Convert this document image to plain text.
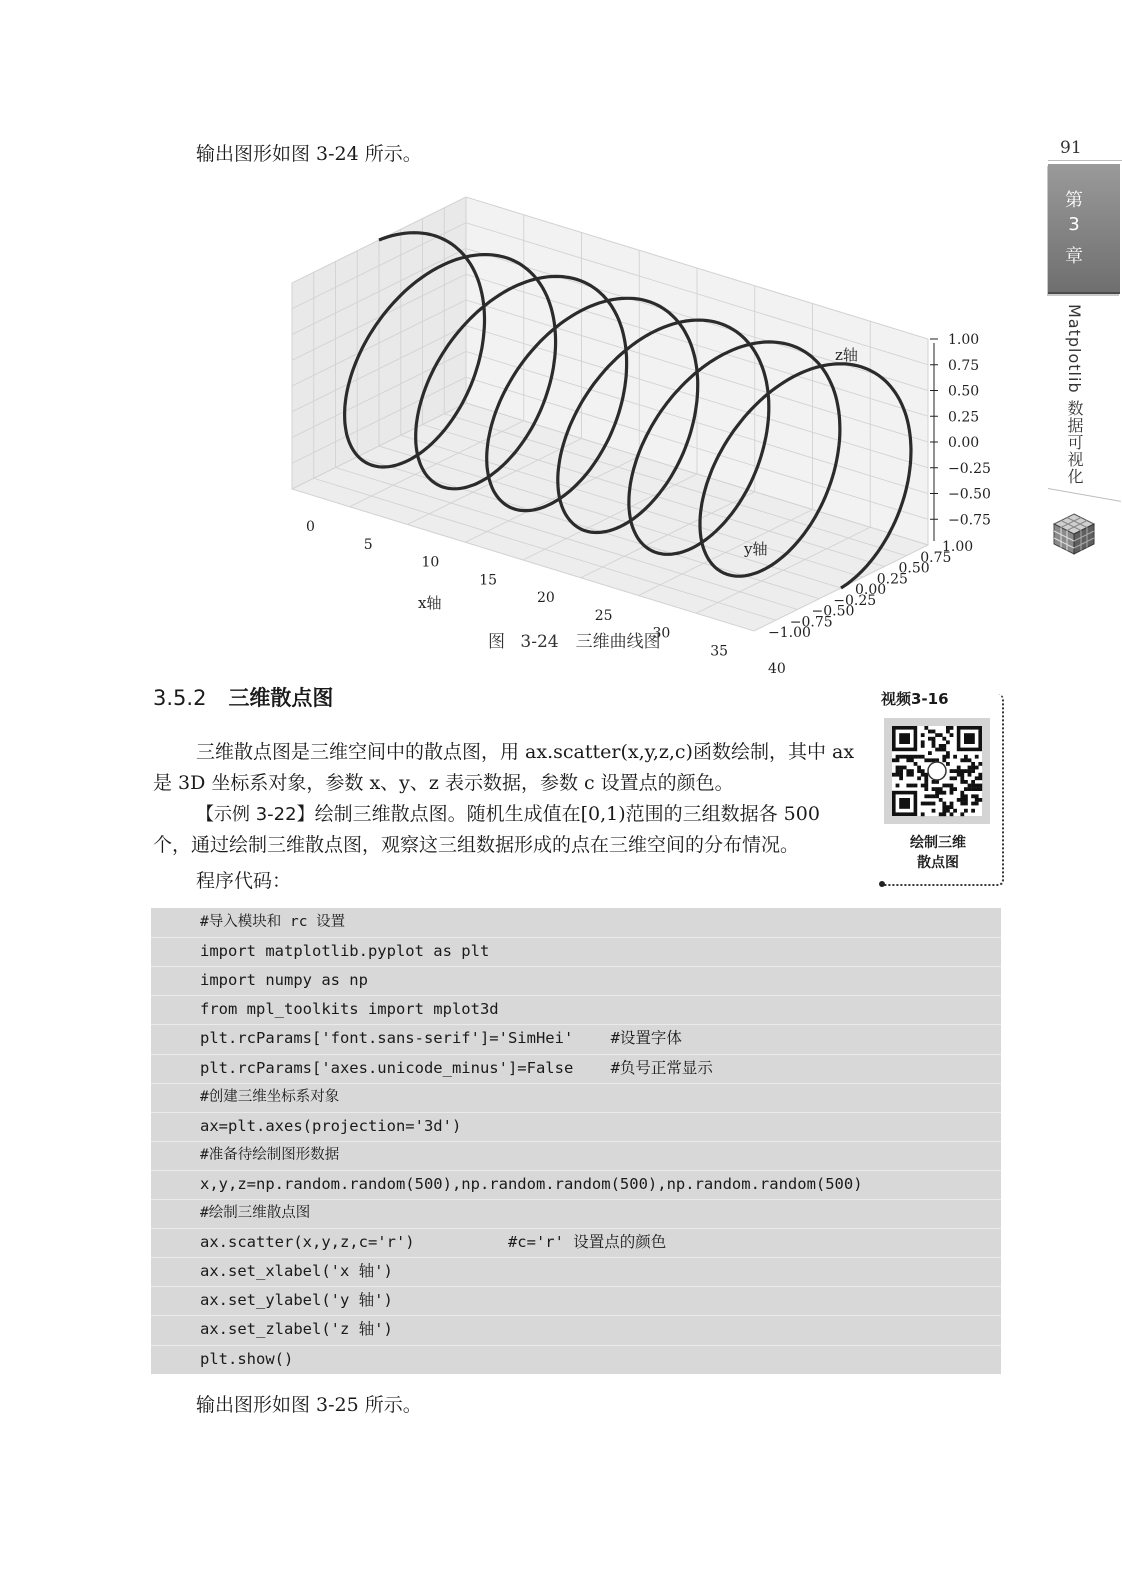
91
第
3
章
Matplotlib 数据可视化
输出图形如图 3-24 所示。
0
5
10
15
20
25
30
35
40
1.00
0.75
0.50
0.25
0.00
−0.25
−0.50
−0.75
−1.00
1.00
0.75
0.50
0.25
0.00
−0.25
−0.50
−0.75
z轴
y轴
x轴
图 3-24　三维曲线图
3.5.2 三维散点图
三维散点图是三维空间中的散点图，用 ax.scatter(x,y,z,c)函数绘制，其中 ax 是 3D 坐标系对象，参数 x、y、z 表示数据，参数 c 设置点的颜色。
【示例 3-22】绘制三维散点图。随机生成值在[0,1)范围的三组数据各 500 个，通过绘制三维散点图，观察这三组数据形成的点在三维空间的分布情况。
程序代码：
视频3-16
绘制三维
散点图
#导入模块和 rc 设置
import matplotlib.pyplot as plt
import numpy as np
from mpl_toolkits import mplot3d
plt.rcParams['font.sans-serif']='SimHei'    #设置字体
plt.rcParams['axes.unicode_minus']=False    #负号正常显示
#创建三维坐标系对象
ax=plt.axes(projection='3d')
#准备待绘制图形数据
x,y,z=np.random.random(500),np.random.random(500),np.random.random(500)
#绘制三维散点图
ax.scatter(x,y,z,c='r')          #c='r' 设置点的颜色
ax.set_xlabel('x 轴')
ax.set_ylabel('y 轴')
ax.set_zlabel('z 轴')
plt.show()
输出图形如图 3-25 所示。
